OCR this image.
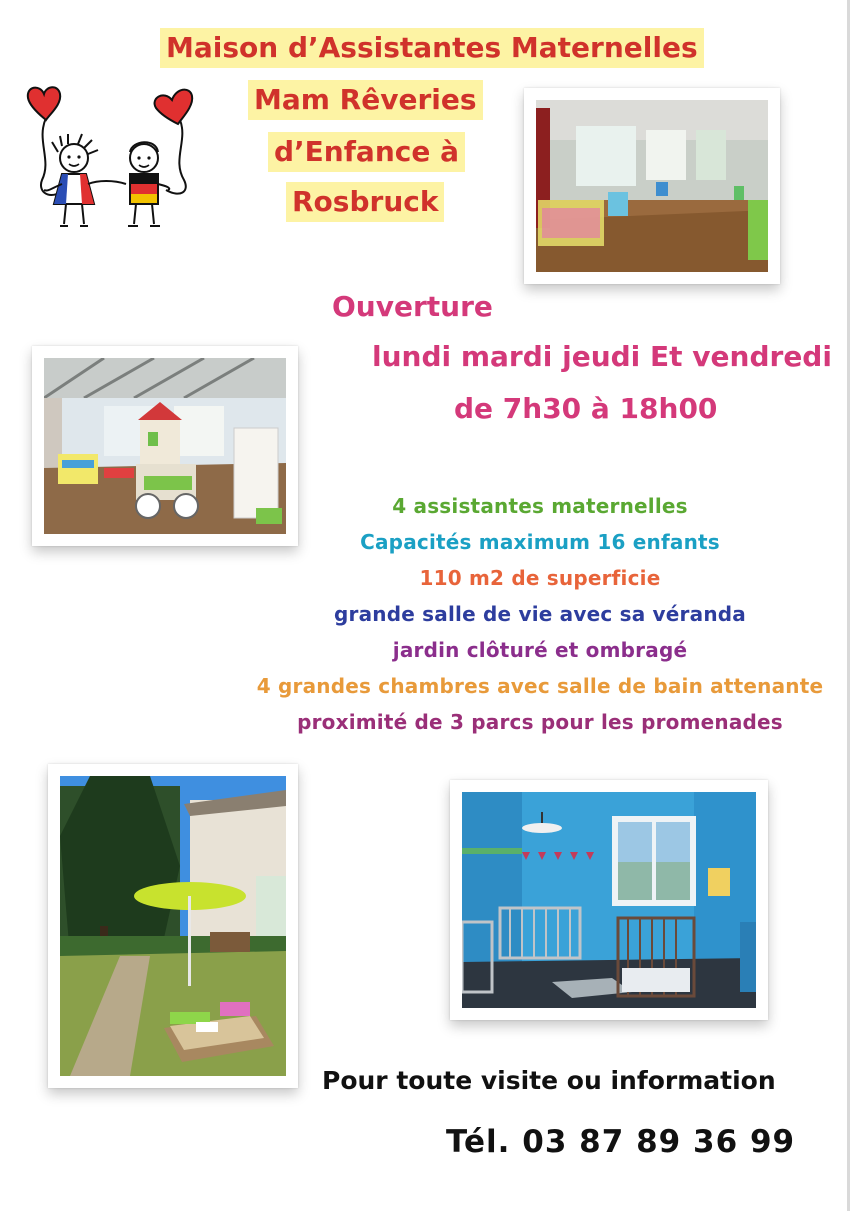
Maison d’Assistantes Maternelles
Mam Rêveries
d’Enfance à
Rosbruck
Ouverture
lundi mardi jeudi Et vendredi
de 7h30 à 18h00
4 assistantes maternelles
Capacités maximum 16 enfants
110 m2 de superficie
grande salle de vie avec sa véranda
jardin clôturé et ombragé
4 grandes chambres avec salle de bain attenante
proximité de 3 parcs pour les promenades
Pour toute visite ou information
Tél. 03 87 89 36 99
